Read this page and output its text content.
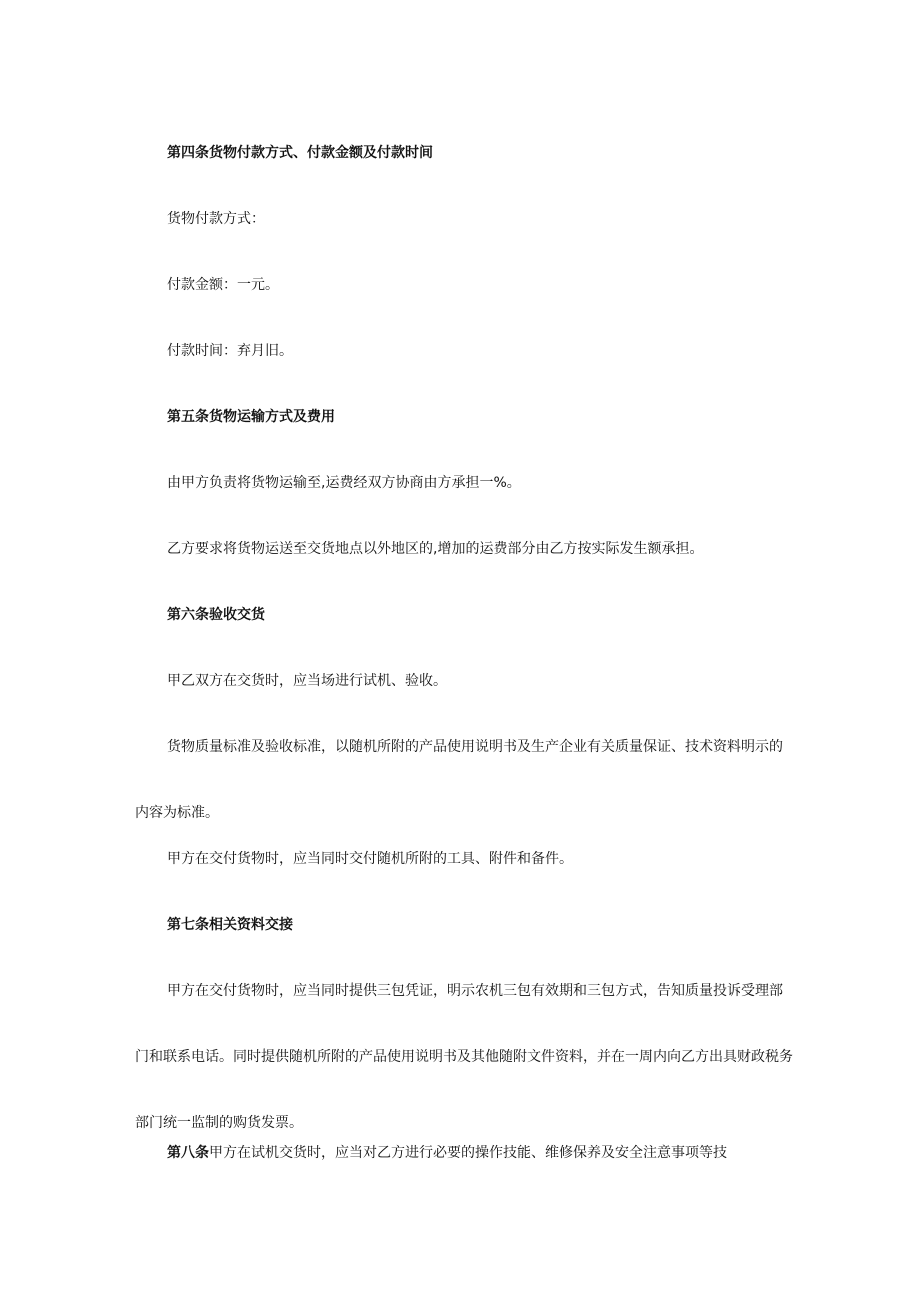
第四条货物付款方式、付款金额及付款时间

货物付款方式：

付款金额：一元。

付款时间：弃月旧。

第五条货物运输方式及费用

由甲方负责将货物运输至,运费经双方协商由方承担一%。

乙方要求将货物运送至交货地点以外地区的,增加的运费部分由乙方按实际发生额承担。

第六条验收交货

甲乙双方在交货时，应当场进行试机、验收。

货物质量标准及验收标准，以随机所附的产品使用说明书及生产企业有关质量保证、技术资料明示的内容为标准。

甲方在交付货物时，应当同时交付随机所附的工具、附件和备件。

第七条相关资料交接

甲方在交付货物时，应当同时提供三包凭证，明示农机三包有效期和三包方式，告知质量投诉受理部门和联系电话。同时提供随机所附的产品使用说明书及其他随附文件资料，并在一周内向乙方出具财政税务部门统一监制的购货发票。

第八条甲方在试机交货时，应当对乙方进行必要的操作技能、维修保养及安全注意事项等技
